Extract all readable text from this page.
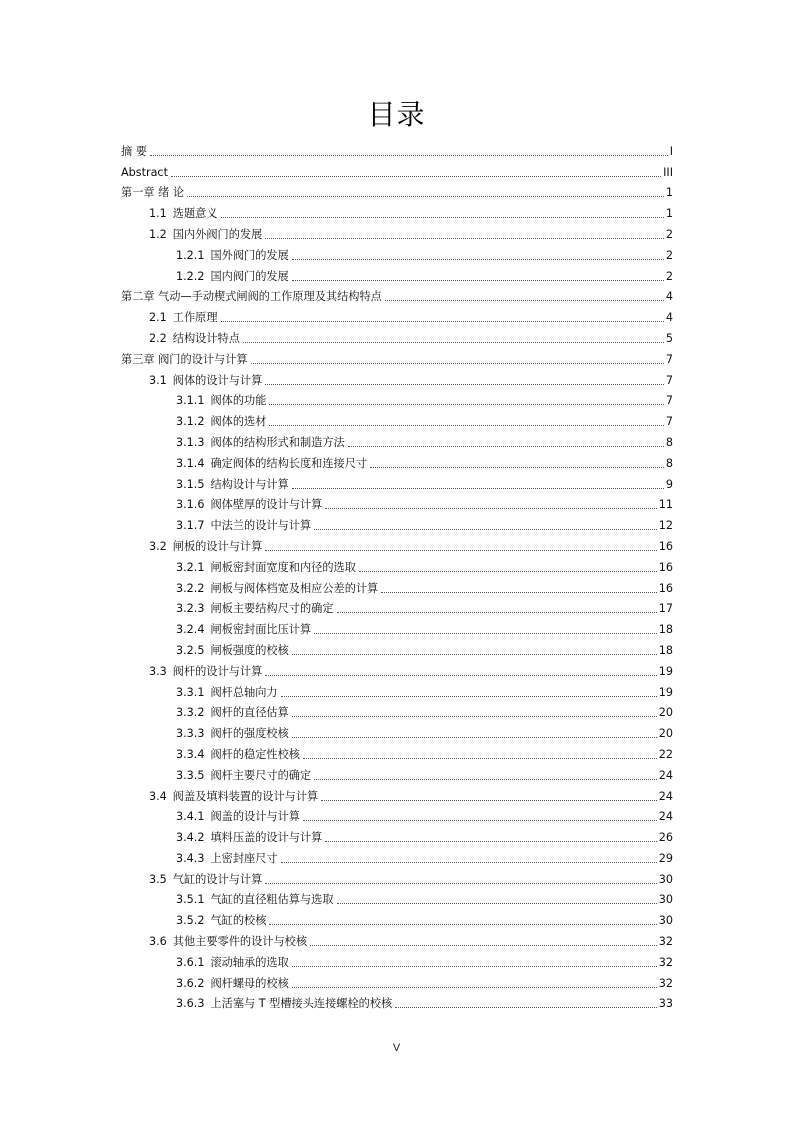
目录
摘 要	I
Abstract	III
第一章 绪 论	1
1.1 选题意义	1
1.2 国内外阀门的发展	2
1.2.1 国外阀门的发展	2
1.2.2 国内阀门的发展	2
第二章 气动—手动楔式闸阀的工作原理及其结构特点	4
2.1 工作原理	4
2.2 结构设计特点	5
第三章 阀门的设计与计算	7
3.1 阀体的设计与计算	7
3.1.1 阀体的功能	7
3.1.2 阀体的选材	7
3.1.3 阀体的结构形式和制造方法	8
3.1.4 确定阀体的结构长度和连接尺寸	8
3.1.5 结构设计与计算	9
3.1.6 阀体壁厚的设计与计算	11
3.1.7 中法兰的设计与计算	12
3.2 闸板的设计与计算	16
3.2.1 闸板密封面宽度和内径的选取	16
3.2.2 闸板与阀体档宽及相应公差的计算	16
3.2.3 闸板主要结构尺寸的确定	17
3.2.4 闸板密封面比压计算	18
3.2.5 闸板强度的校核	18
3.3 阀杆的设计与计算	19
3.3.1 阀杆总轴向力	19
3.3.2 阀杆的直径估算	20
3.3.3 阀杆的强度校核	20
3.3.4 阀杆的稳定性校核	22
3.3.5 阀杆主要尺寸的确定	24
3.4 阀盖及填料装置的设计与计算	24
3.4.1 阀盖的设计与计算	24
3.4.2 填料压盖的设计与计算	26
3.4.3 上密封座尺寸	29
3.5 气缸的设计与计算	30
3.5.1 气缸的直径粗估算与选取	30
3.5.2 气缸的校核	30
3.6 其他主要零件的设计与校核	32
3.6.1 滚动轴承的选取	32
3.6.2 阀杆螺母的校核	32
3.6.3 上活塞与 T 型槽接头连接螺栓的校核	33
V
